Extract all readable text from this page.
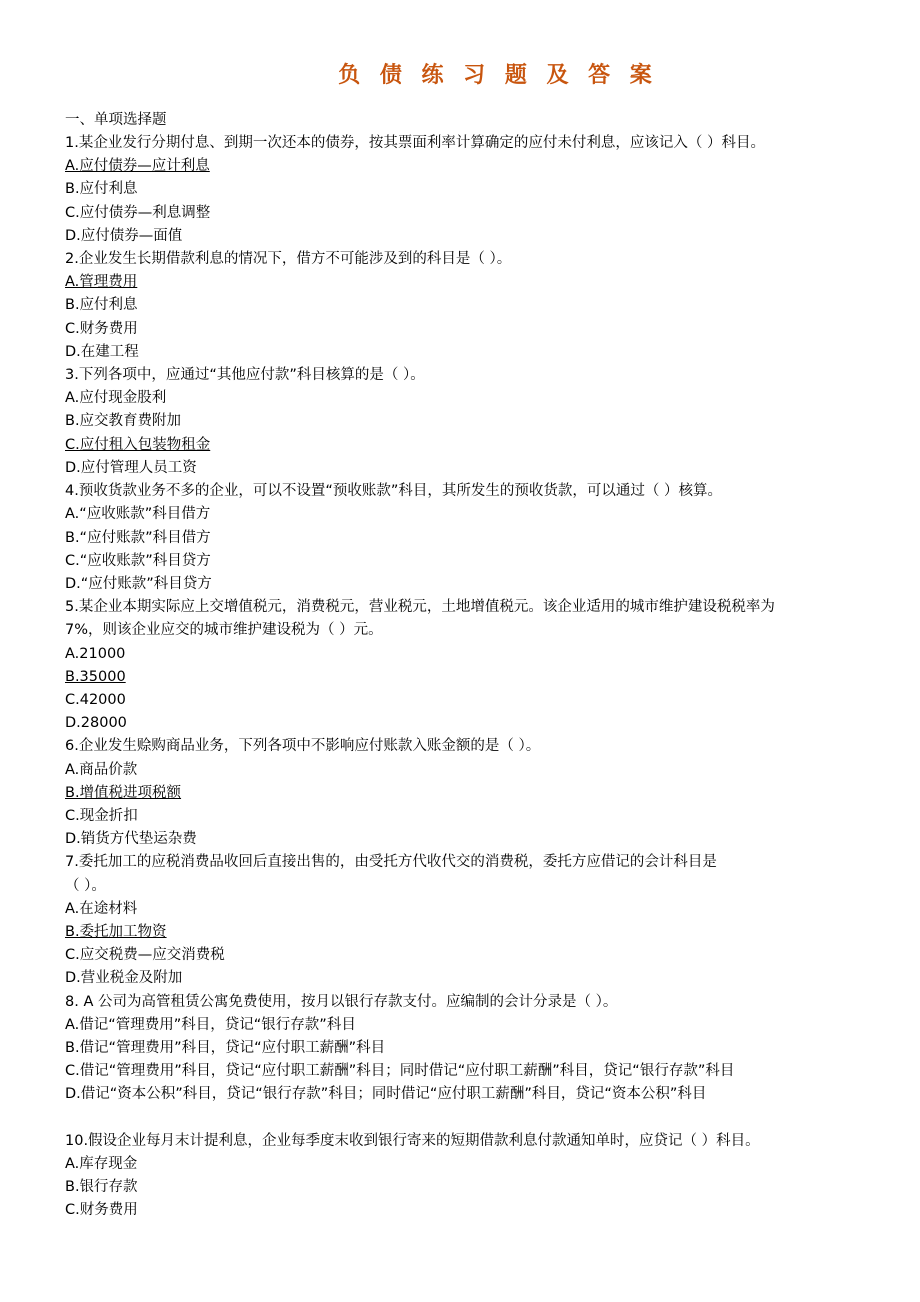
负 债 练 习 题 及 答 案
一、单项选择题
1.某企业发行分期付息、到期一次还本的债券，按其票面利率计算确定的应付未付利息，应该记入（ ）科目。
A.应付债券—应计利息
B.应付利息
C.应付债券—利息调整
D.应付债券—面值
2.企业发生长期借款利息的情况下，借方不可能涉及到的科目是（ ）。
A.管理费用
B.应付利息
C.财务费用
D.在建工程
3.下列各项中，应通过“其他应付款”科目核算的是（ ）。
A.应付现金股利
B.应交教育费附加
C.应付租入包装物租金
D.应付管理人员工资
4.预收货款业务不多的企业，可以不设置“预收账款”科目，其所发生的预收货款，可以通过（ ）核算。
A.“应收账款”科目借方
B.“应付账款”科目借方
C.“应收账款”科目贷方
D.“应付账款”科目贷方
5.某企业本期实际应上交增值税元，消费税元，营业税元，土地增值税元。该企业适用的城市维护建设税税率为
7%，则该企业应交的城市维护建设税为（ ）元。
A.21000
B.35000
C.42000
D.28000
6.企业发生赊购商品业务，下列各项中不影响应付账款入账金额的是（ ）。
A.商品价款
B.增值税进项税额
C.现金折扣
D.销货方代垫运杂费
7.委托加工的应税消费品收回后直接出售的，由受托方代收代交的消费税，委托方应借记的会计科目是
（ ）。
A.在途材料
B.委托加工物资
C.应交税费—应交消费税
D.营业税金及附加
8. A 公司为高管租赁公寓免费使用，按月以银行存款支付。应编制的会计分录是（ ）。
A.借记“管理费用”科目，贷记“银行存款”科目
B.借记“管理费用”科目，贷记“应付职工薪酬”科目
C.借记“管理费用”科目，贷记“应付职工薪酬”科目；同时借记“应付职工薪酬”科目，贷记“银行存款”科目
D.借记“资本公积”科目，贷记“银行存款”科目；同时借记“应付职工薪酬”科目，贷记“资本公积”科目
10.假设企业每月末计提利息，企业每季度末收到银行寄来的短期借款利息付款通知单时，应贷记（ ）科目。
A.库存现金
B.银行存款
C.财务费用
